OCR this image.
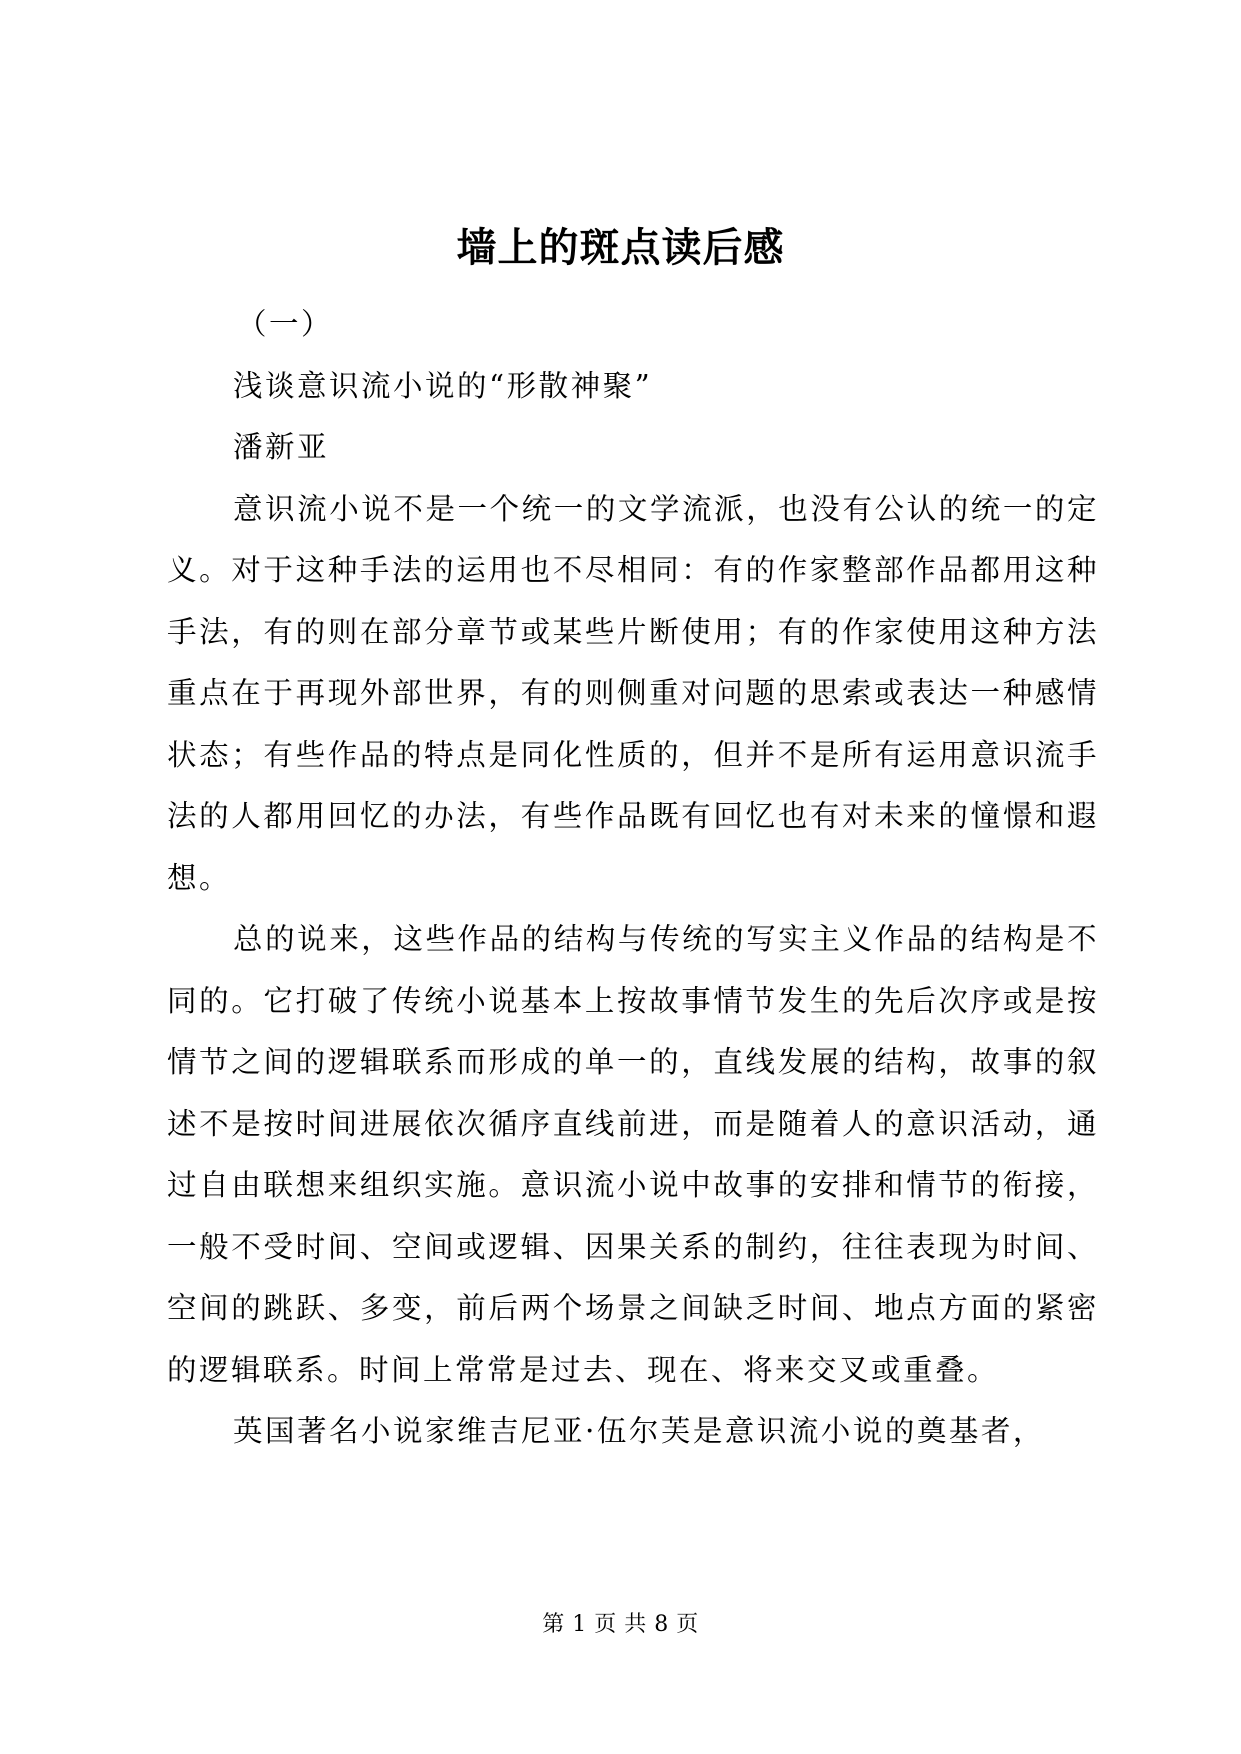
墙上的斑点读后感

（一）

浅谈意识流小说的“形散神聚”

潘新亚

意识流小说不是一个统一的文学流派，也没有公认的统一的定义。对于这种手法的运用也不尽相同：有的作家整部作品都用这种手法，有的则在部分章节或某些片断使用；有的作家使用这种方法重点在于再现外部世界，有的则侧重对问题的思索或表达一种感情状态；有些作品的特点是同化性质的，但并不是所有运用意识流手法的人都用回忆的办法，有些作品既有回忆也有对未来的憧憬和遐想。

总的说来，这些作品的结构与传统的写实主义作品的结构是不同的。它打破了传统小说基本上按故事情节发生的先后次序或是按情节之间的逻辑联系而形成的单一的，直线发展的结构，故事的叙述不是按时间进展依次循序直线前进，而是随着人的意识活动，通过自由联想来组织实施。意识流小说中故事的安排和情节的衔接，一般不受时间、空间或逻辑、因果关系的制约，往往表现为时间、空间的跳跃、多变，前后两个场景之间缺乏时间、地点方面的紧密的逻辑联系。时间上常常是过去、现在、将来交叉或重叠。

英国著名小说家维吉尼亚·伍尔芙是意识流小说的奠基者，

第 1 页 共 8 页
